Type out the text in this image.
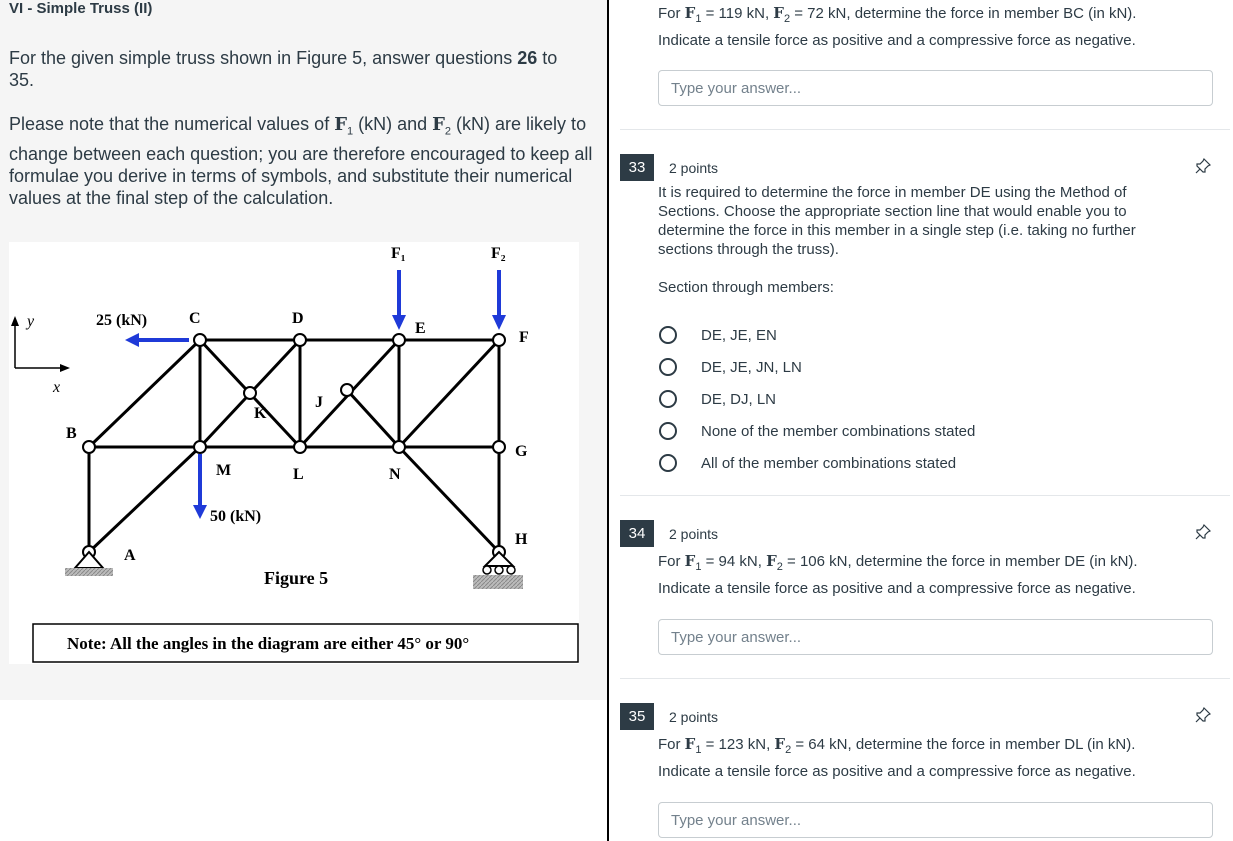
VI - Simple Truss (II)
For the given simple truss shown in Figure 5, answer questions 26 to
35.
Please note that the numerical values of $F_1$ (kN) and $F_2$ (kN) are likely to change between each question; you are therefore encouraged to keep all formulae you derive in terms of symbols, and substitute their numerical values at the final step of the calculation.
y
x
25 (kN)
50 (kN)
F₁	F₂
C	D
E
F
B
G
H
K
J
M	L	N
A
Figure 5
Note: All the angles in the diagram are either 45° or 90°
For $F_1 = 119$ kN, $F_2 = 72$ kN, determine the force in member BC (in kN).
Indicate a tensile force as positive and a compressive force as negative.
Type your answer...
33	2 points
It is required to determine the force in member DE using the Method of Sections. Choose the appropriate section line that would enable you to determine the force in this member in a single step (i.e. taking no further sections through the truss).
Section through members:
DE, JE, EN
DE, JE, JN, LN
DE, DJ, LN
None of the member combinations stated
All of the member combinations stated
34	2 points
For $F_1 = 94$ kN, $F_2 = 106$ kN, determine the force in member DE (in kN).
Indicate a tensile force as positive and a compressive force as negative.
Type your answer...
35	2 points
For $F_1 = 123$ kN, $F_2 = 64$ kN, determine the force in member DL (in kN).
Indicate a tensile force as positive and a compressive force as negative.
Type your answer...
